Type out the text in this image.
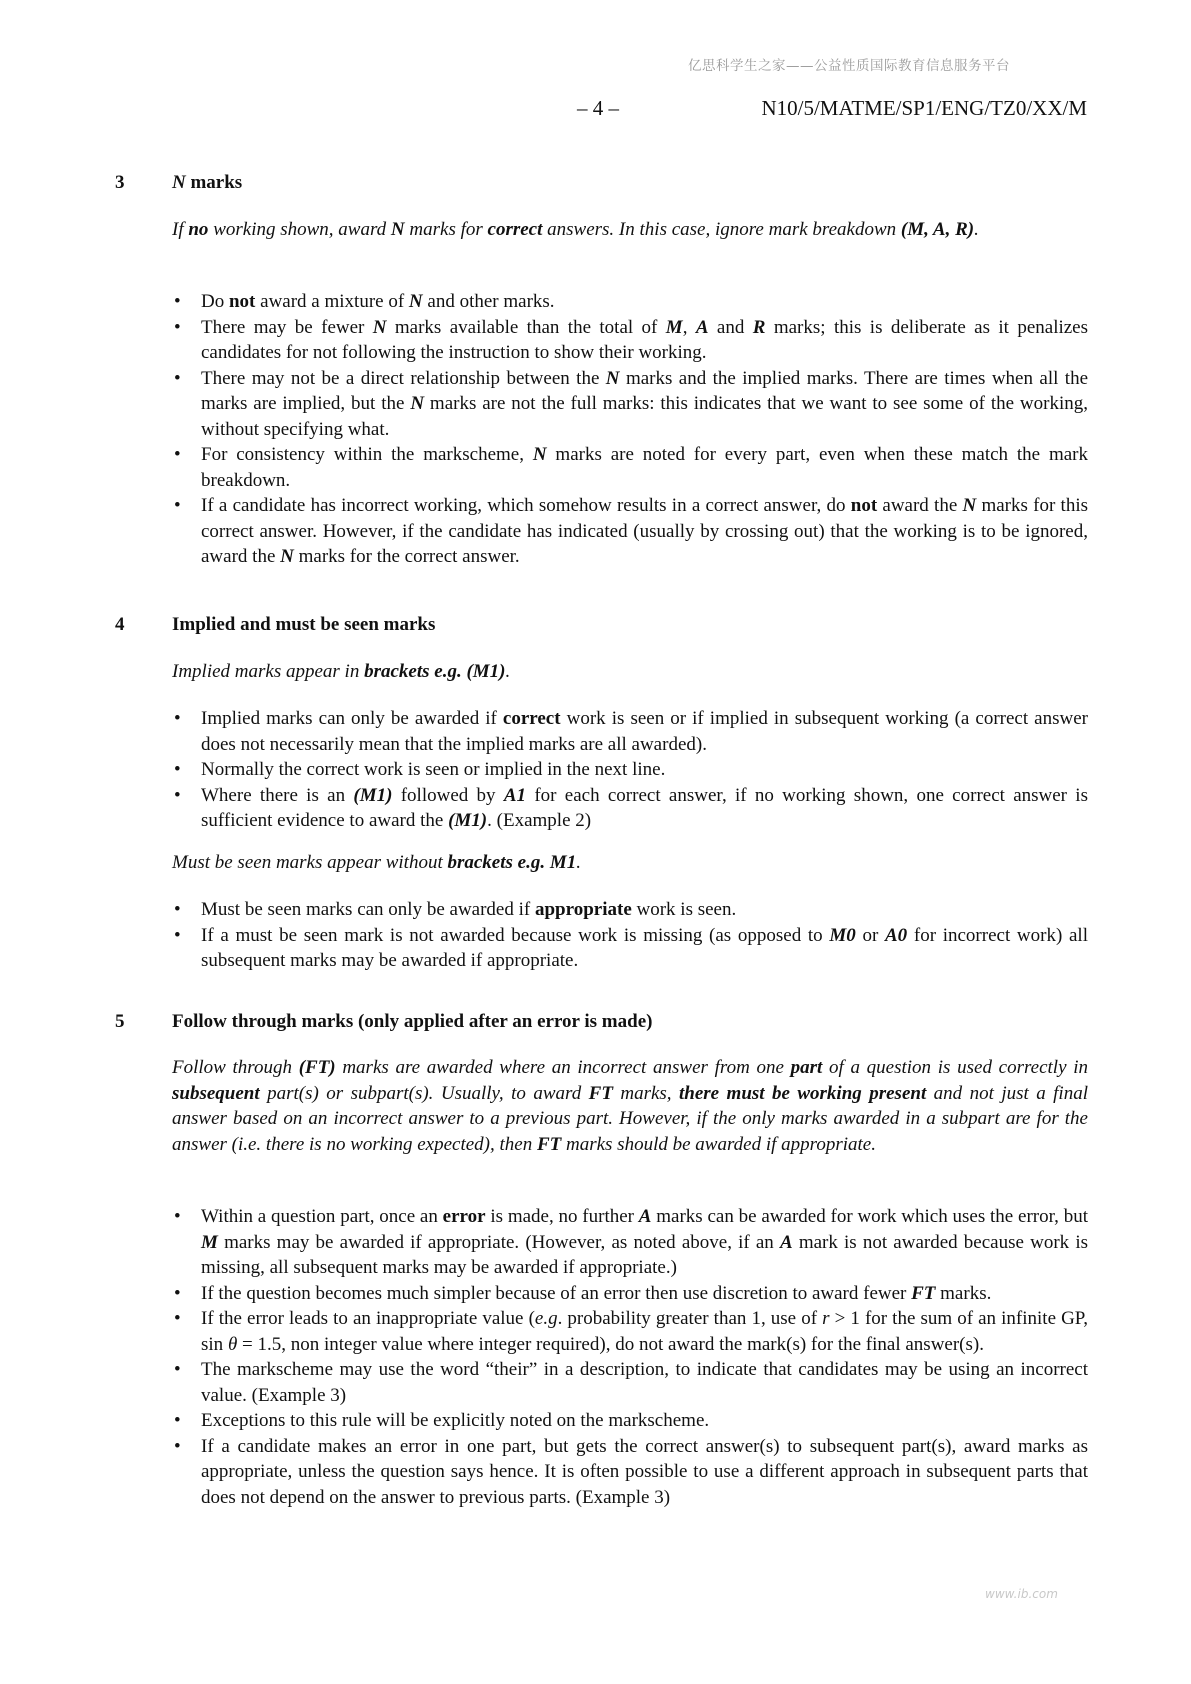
亿思科学生之家——公益性质国际教育信息服务平台
– 4 –	N10/5/MATME/SP1/ENG/TZ0/XX/M
3	N marks
If no working shown, award N marks for correct answers. In this case, ignore mark breakdown (M, A, R).
• Do not award a mixture of N and other marks.
• There may be fewer N marks available than the total of M, A and R marks; this is deliberate as it penalizes candidates for not following the instruction to show their working.
• There may not be a direct relationship between the N marks and the implied marks. There are times when all the marks are implied, but the N marks are not the full marks: this indicates that we want to see some of the working, without specifying what.
• For consistency within the markscheme, N marks are noted for every part, even when these match the mark breakdown.
• If a candidate has incorrect working, which somehow results in a correct answer, do not award the N marks for this correct answer. However, if the candidate has indicated (usually by crossing out) that the working is to be ignored, award the N marks for the correct answer.
4	Implied and must be seen marks
Implied marks appear in brackets e.g. (M1).
• Implied marks can only be awarded if correct work is seen or if implied in subsequent working (a correct answer does not necessarily mean that the implied marks are all awarded).
• Normally the correct work is seen or implied in the next line.
• Where there is an (M1) followed by A1 for each correct answer, if no working shown, one correct answer is sufficient evidence to award the (M1). (Example 2)
Must be seen marks appear without brackets e.g. M1.
• Must be seen marks can only be awarded if appropriate work is seen.
• If a must be seen mark is not awarded because work is missing (as opposed to M0 or A0 for incorrect work) all subsequent marks may be awarded if appropriate.
5	Follow through marks (only applied after an error is made)
Follow through (FT) marks are awarded where an incorrect answer from one part of a question is used correctly in subsequent part(s) or subpart(s). Usually, to award FT marks, there must be working present and not just a final answer based on an incorrect answer to a previous part. However, if the only marks awarded in a subpart are for the answer (i.e. there is no working expected), then FT marks should be awarded if appropriate.
• Within a question part, once an error is made, no further A marks can be awarded for work which uses the error, but M marks may be awarded if appropriate. (However, as noted above, if an A mark is not awarded because work is missing, all subsequent marks may be awarded if appropriate.)
• If the question becomes much simpler because of an error then use discretion to award fewer FT marks.
• If the error leads to an inappropriate value (e.g. probability greater than 1, use of r > 1 for the sum of an infinite GP, sin θ = 1.5, non integer value where integer required), do not award the mark(s) for the final answer(s).
• The markscheme may use the word “their” in a description, to indicate that candidates may be using an incorrect value. (Example 3)
• Exceptions to this rule will be explicitly noted on the markscheme.
• If a candidate makes an error in one part, but gets the correct answer(s) to subsequent part(s), award marks as appropriate, unless the question says hence. It is often possible to use a different approach in subsequent parts that does not depend on the answer to previous parts. (Example 3)
www.ib.com
